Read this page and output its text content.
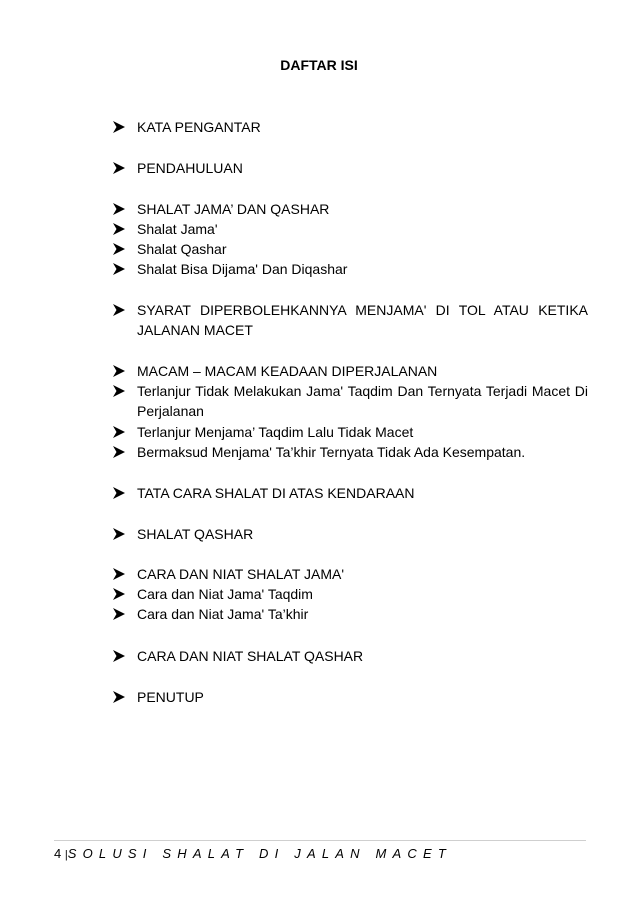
DAFTAR ISI
KATA PENGANTAR
PENDAHULUAN
SHALAT JAMA’ DAN QASHAR
Shalat Jama'
Shalat Qashar
Shalat Bisa Dijama' Dan Diqashar
SYARAT DIPERBOLEHKANNYA MENJAMA' DI TOL ATAU KETIKA JALANAN MACET
MACAM – MACAM KEADAAN DIPERJALANAN
Terlanjur Tidak Melakukan Jama' Taqdim Dan Ternyata Terjadi Macet Di Perjalanan
Terlanjur Menjama’ Taqdim Lalu Tidak Macet
Bermaksud Menjama' Ta’khir Ternyata Tidak Ada Kesempatan.
TATA CARA SHALAT DI ATAS KENDARAAN
SHALAT QASHAR
CARA DAN NIAT SHALAT JAMA'
Cara dan Niat Jama' Taqdim
Cara dan Niat Jama' Ta’khir
CARA DAN NIAT SHALAT QASHAR
PENUTUP
4 |SOLUSI SHALAT DI JALAN MACET
